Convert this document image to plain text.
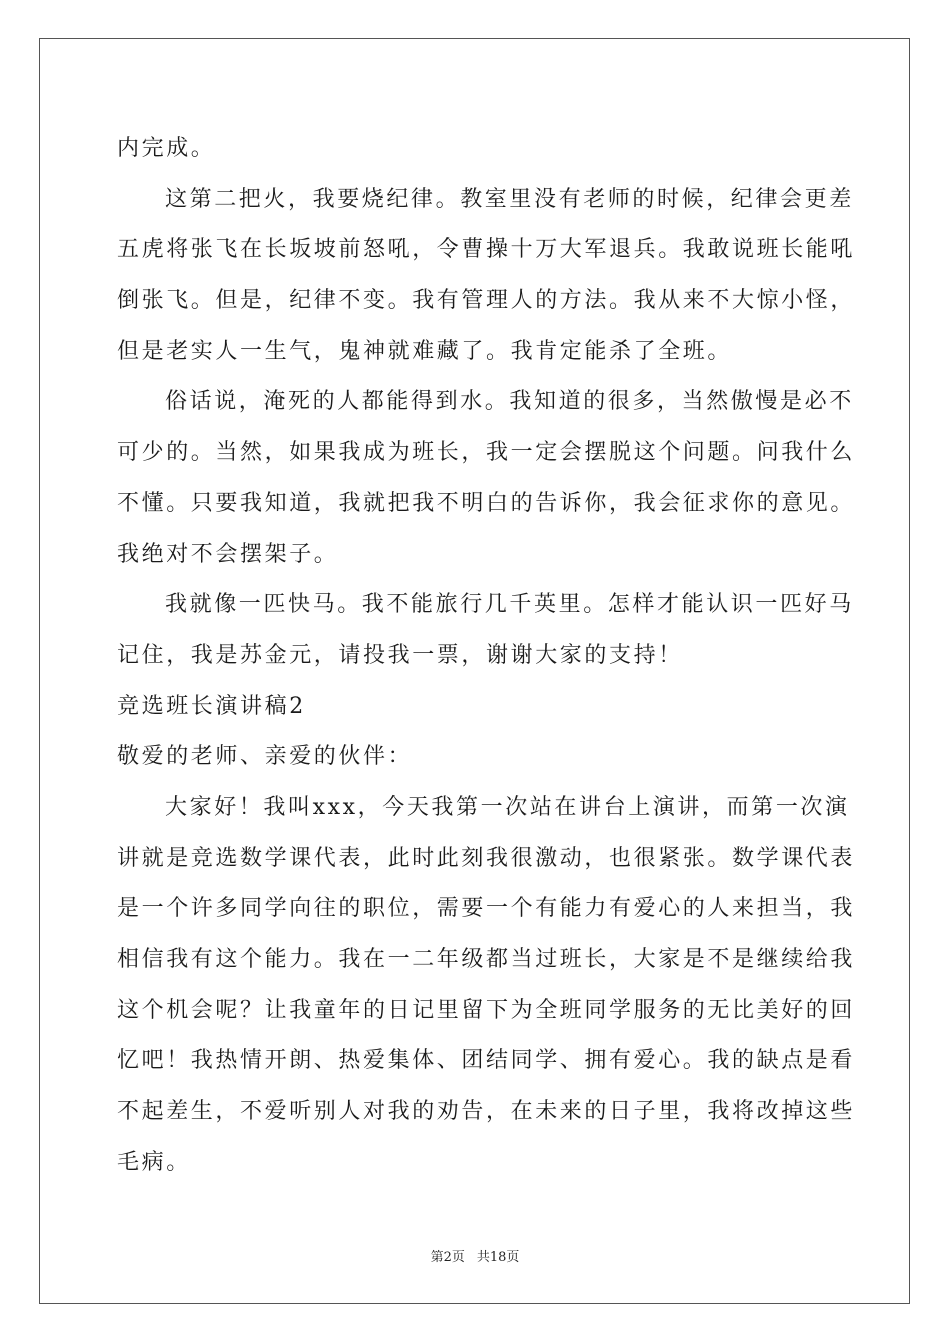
内完成。
这第二把火，我要烧纪律。教室里没有老师的时候，纪律会更差
五虎将张飞在长坂坡前怒吼，令曹操十万大军退兵。我敢说班长能吼
倒张飞。但是，纪律不变。我有管理人的方法。我从来不大惊小怪，
但是老实人一生气，鬼神就难藏了。我肯定能杀了全班。
俗话说，淹死的人都能得到水。我知道的很多，当然傲慢是必不
可少的。当然，如果我成为班长，我一定会摆脱这个问题。问我什么
不懂。只要我知道，我就把我不明白的告诉你，我会征求你的意见。
我绝对不会摆架子。
我就像一匹快马。我不能旅行几千英里。怎样才能认识一匹好马
记住，我是苏金元，请投我一票，谢谢大家的支持！
竞选班长演讲稿2
敬爱的老师、亲爱的伙伴：
大家好！我叫xxx，今天我第一次站在讲台上演讲，而第一次演
讲就是竞选数学课代表，此时此刻我很激动，也很紧张。数学课代表
是一个许多同学向往的职位，需要一个有能力有爱心的人来担当，我
相信我有这个能力。我在一二年级都当过班长，大家是不是继续给我
这个机会呢？让我童年的日记里留下为全班同学服务的无比美好的回
忆吧！我热情开朗、热爱集体、团结同学、拥有爱心。我的缺点是看
不起差生，不爱听别人对我的劝告，在未来的日子里，我将改掉这些
毛病。
第2页 共18页
